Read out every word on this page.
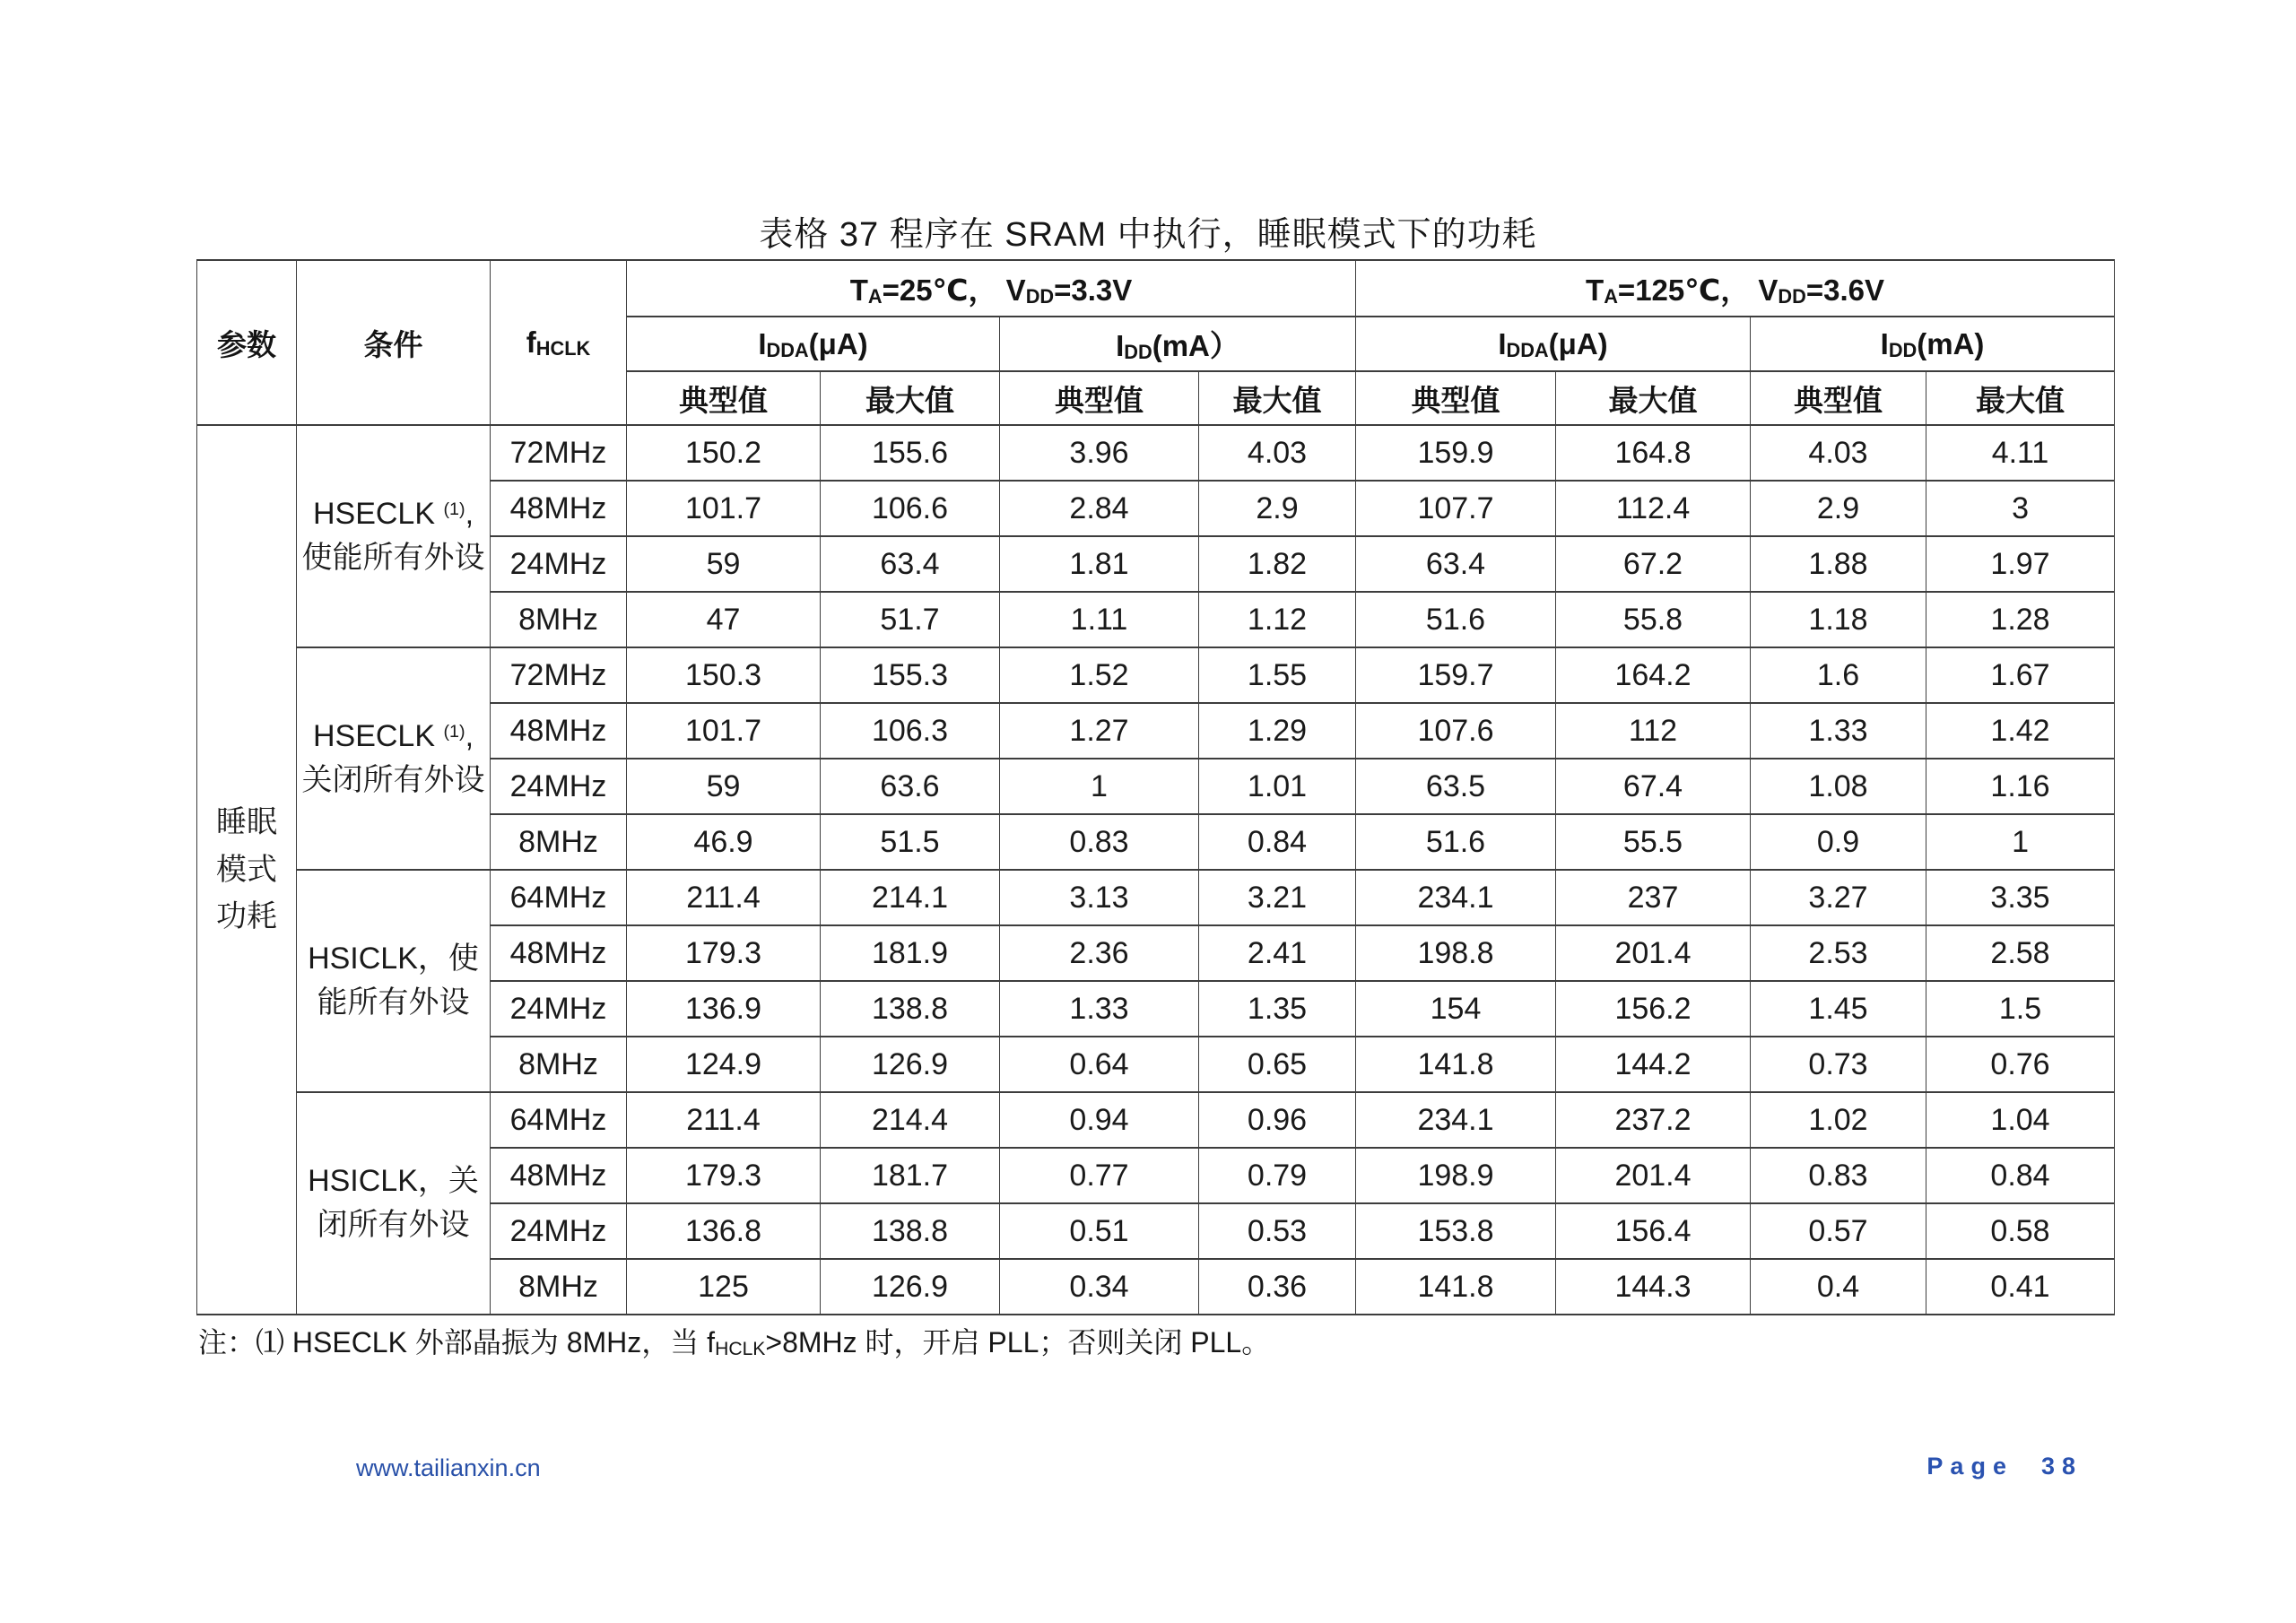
表格 37 程序在 SRAM 中执行，睡眠模式下的功耗
参数	条件	$f_{HCLK}$	$T_A=25℃$， $V_{DD}=3.3V$				$T_A=125℃$， $V_{DD}=3.6V$			
			$I_{DDA}(\mu A)$		$I_{DD}(mA)$		$I_{DDA}(\mu A)$		$I_{DD}(mA)$	
			典型值	最大值	典型值	最大值	典型值	最大值	典型值	最大值
睡眠
模式
功耗	HSECLK $^{(1)}$,
使能所有外设	72MHz	150.2	155.6	3.96	4.03	159.9	164.8	4.03	4.11
		48MHz	101.7	106.6	2.84	2.9	107.7	112.4	2.9	3
		24MHz	59	63.4	1.81	1.82	63.4	67.2	1.88	1.97
		8MHz	47	51.7	1.11	1.12	51.6	55.8	1.18	1.28
	HSECLK $^{(1)}$,
关闭所有外设	72MHz	150.3	155.3	1.52	1.55	159.7	164.2	1.6	1.67
		48MHz	101.7	106.3	1.27	1.29	107.6	112	1.33	1.42
		24MHz	59	63.6	1	1.01	63.5	67.4	1.08	1.16
		8MHz	46.9	51.5	0.83	0.84	51.6	55.5	0.9	1
	HSICLK，使
能所有外设	64MHz	211.4	214.1	3.13	3.21	234.1	237	3.27	3.35
		48MHz	179.3	181.9	2.36	2.41	198.8	201.4	2.53	2.58
		24MHz	136.9	138.8	1.33	1.35	154	156.2	1.45	1.5
		8MHz	124.9	126.9	0.64	0.65	141.8	144.2	0.73	0.76
	HSICLK，关
闭所有外设	64MHz	211.4	214.4	0.94	0.96	234.1	237.2	1.02	1.04
		48MHz	179.3	181.7	0.77	0.79	198.9	201.4	0.83	0.84
		24MHz	136.8	138.8	0.51	0.53	153.8	156.4	0.57	0.58
		8MHz	125	126.9	0.34	0.36	141.8	144.3	0.4	0.41
注：⑴ HSECLK 外部晶振为 8MHz，当 $f_{HCLK}>8MHz$ 时，开启 PLL；否则关闭 PLL。
www.tailianxin.cn	Page  38
